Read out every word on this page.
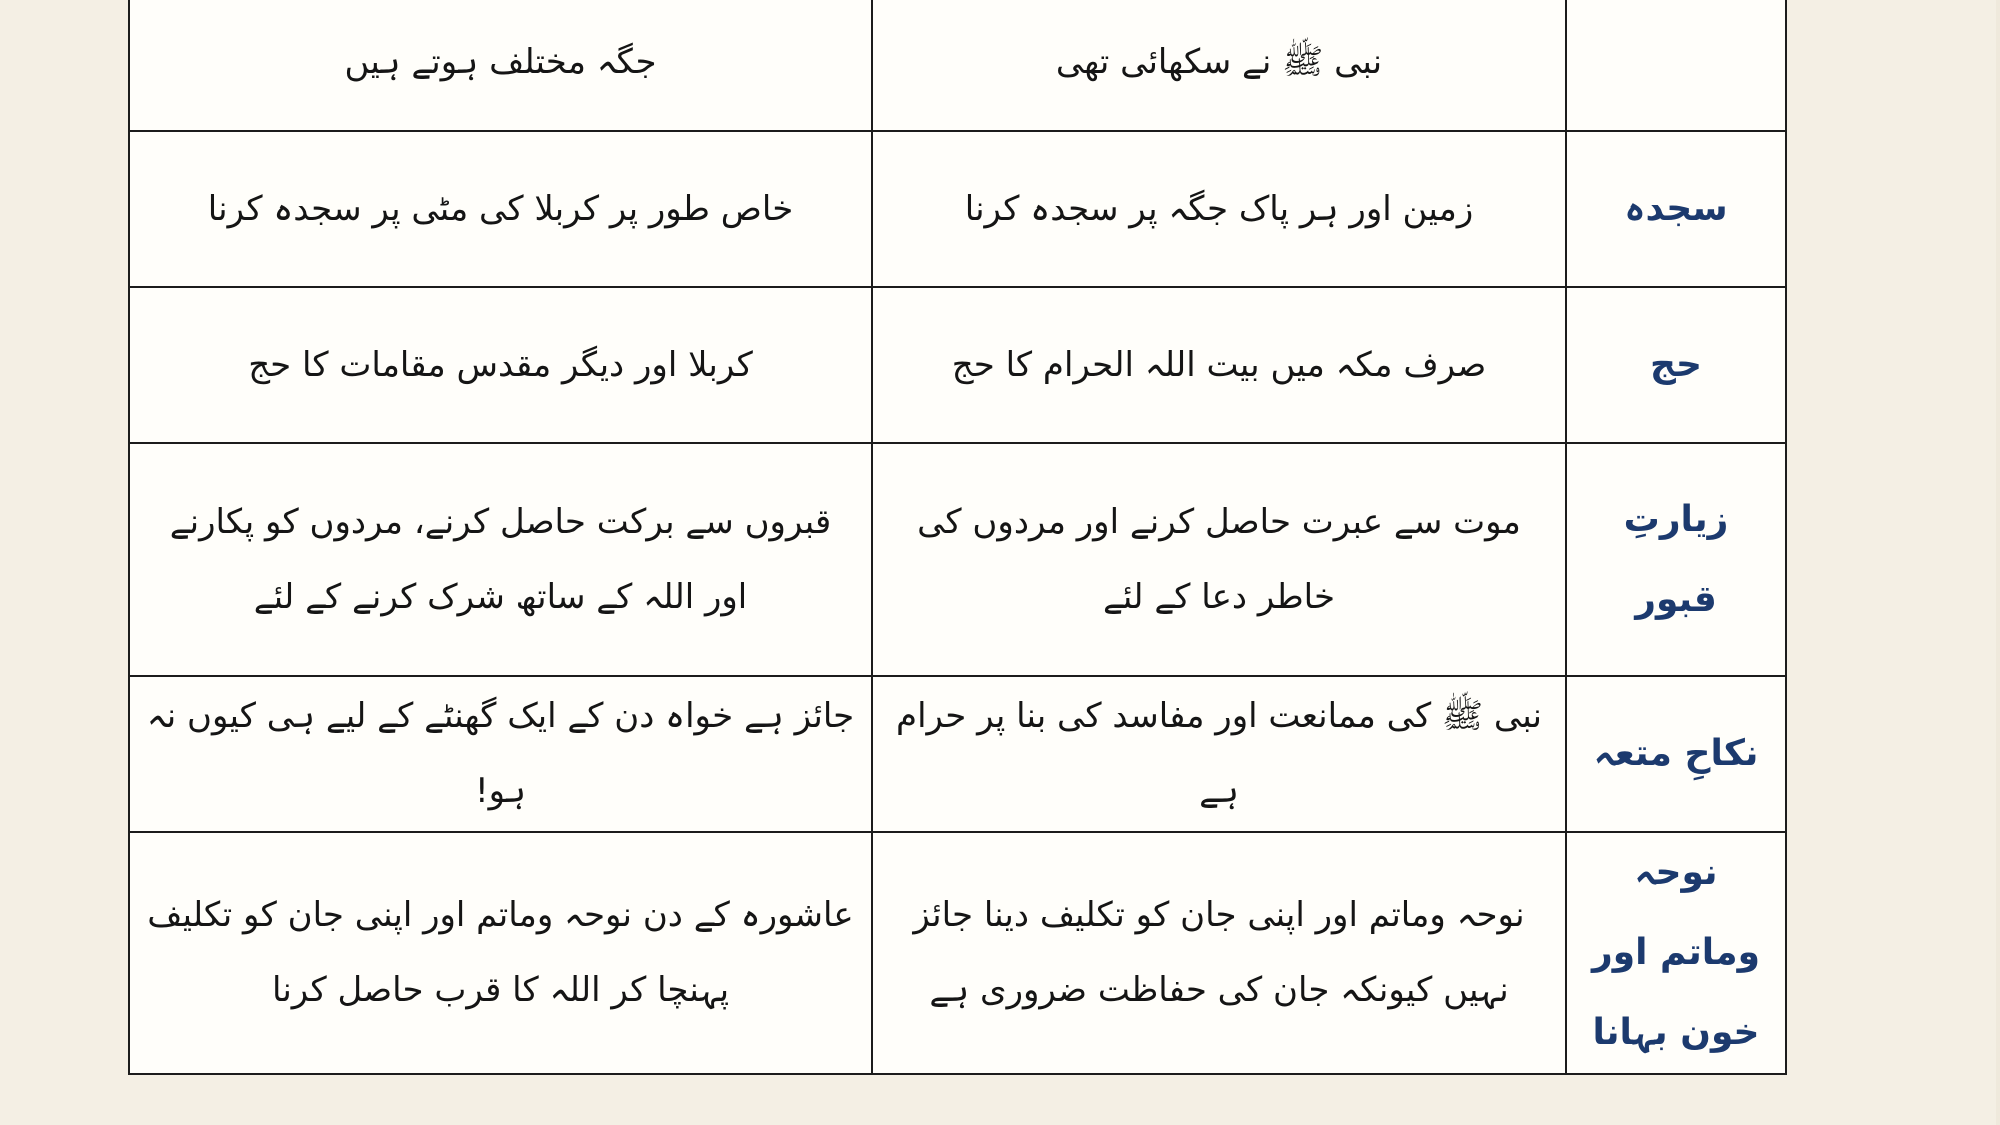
	نبی ﷺ نے سکھائی تھی	جگہ مختلف ہوتے ہیں
سجدہ	زمین اور ہر پاک جگہ پر سجدہ کرنا	خاص طور پر کربلا کی مٹی پر سجدہ کرنا
حج	صرف مکہ میں بیت اللہ الحرام کا حج	کربلا اور دیگر مقدس مقامات کا حج
زیارتِ قبور	موت سے عبرت حاصل کرنے اور مردوں کی خاطر دعا کے لئے	قبروں سے برکت حاصل کرنے، مردوں کو پکارنے اور اللہ کے ساتھ شرک کرنے کے لئے
نکاحِ متعہ	نبی ﷺ کی ممانعت اور مفاسد کی بنا پر حرام ہے	جائز ہے خواہ دن کے ایک گھنٹے کے لیے ہی کیوں نہ ہو!
نوحہ وماتم اور خون بہانا	نوحہ وماتم اور اپنی جان کو تکلیف دینا جائز نہیں کیونکہ جان کی حفاظت ضروری ہے	عاشورہ کے دن نوحہ وماتم اور اپنی جان کو تکلیف پہنچا کر اللہ کا قرب حاصل کرنا
